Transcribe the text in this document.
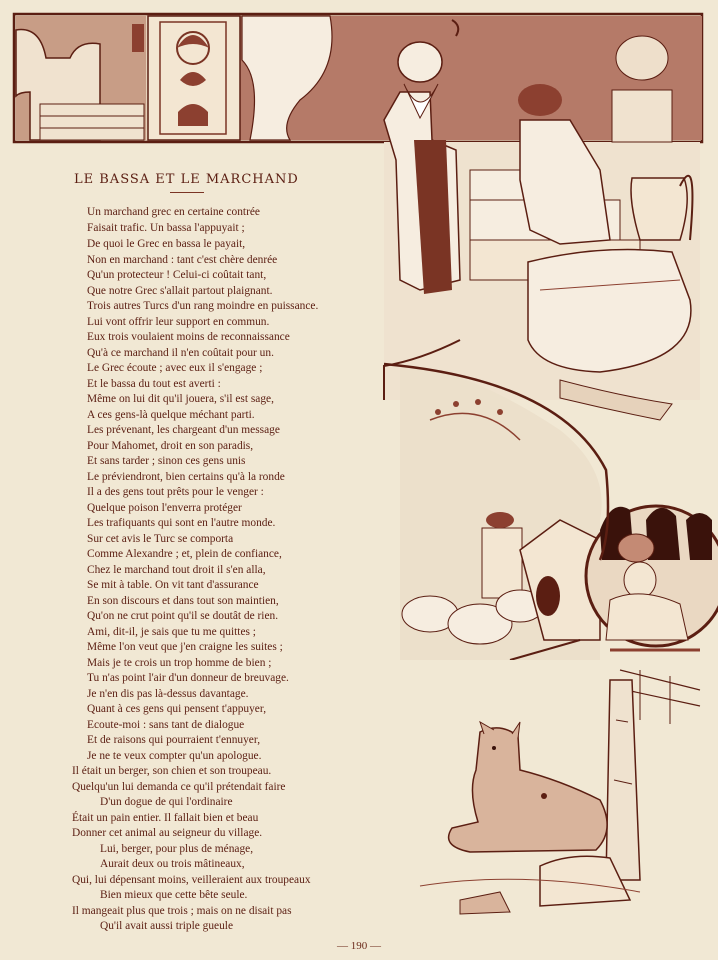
LE BASSA ET LE MARCHAND
Un marchand grec en certaine contrée
Faisait trafic. Un bassa l'appuyait ;
De quoi le Grec en bassa le payait,
Non en marchand : tant c'est chère denrée
Qu'un protecteur ! Celui-ci coûtait tant,
Que notre Grec s'allait partout plaignant.
Trois autres Turcs d'un rang moindre en puissance.
Lui vont offrir leur support en commun.
Eux trois voulaient moins de reconnaissance
Qu'à ce marchand il n'en coûtait pour un.
Le Grec écoute ; avec eux il s'engage ;
Et le bassa du tout est averti :
Même on lui dit qu'il jouera, s'il est sage,
A ces gens-là quelque méchant parti.
Les prévenant, les chargeant d'un message
Pour Mahomet, droit en son paradis,
Et sans tarder ; sinon ces gens unis
Le préviendront, bien certains qu'à la ronde
Il a des gens tout prêts pour le venger :
Quelque poison l'enverra protéger
Les trafiquants qui sont en l'autre monde.
Sur cet avis le Turc se comporta
Comme Alexandre ; et, plein de confiance,
Chez le marchand tout droit il s'en alla,
Se mit à table. On vit tant d'assurance
En son discours et dans tout son maintien,
Qu'on ne crut point qu'il se doutât de rien.
Ami, dit-il, je sais que tu me quittes ;
Même l'on veut que j'en craigne les suites ;
Mais je te crois un trop homme de bien ;
Tu n'as point l'air d'un donneur de breuvage.
Je n'en dis pas là-dessus davantage.
Quant à ces gens qui pensent t'appuyer,
Ecoute-moi : sans tant de dialogue
Et de raisons qui pourraient t'ennuyer,
Je ne te veux compter qu'un apologue.
Il était un berger, son chien et son troupeau.
Quelqu'un lui demanda ce qu'il prétendait faire
D'un dogue de qui l'ordinaire
Était un pain entier. Il fallait bien et beau
Donner cet animal au seigneur du village.
Lui, berger, pour plus de ménage,
Aurait deux ou trois mâtineaux,
Qui, lui dépensant moins, veilleraient aux troupeaux
Bien mieux que cette bête seule.
Il mangeait plus que trois ; mais on ne disait pas
Qu'il avait aussi triple gueule
— 190 —
